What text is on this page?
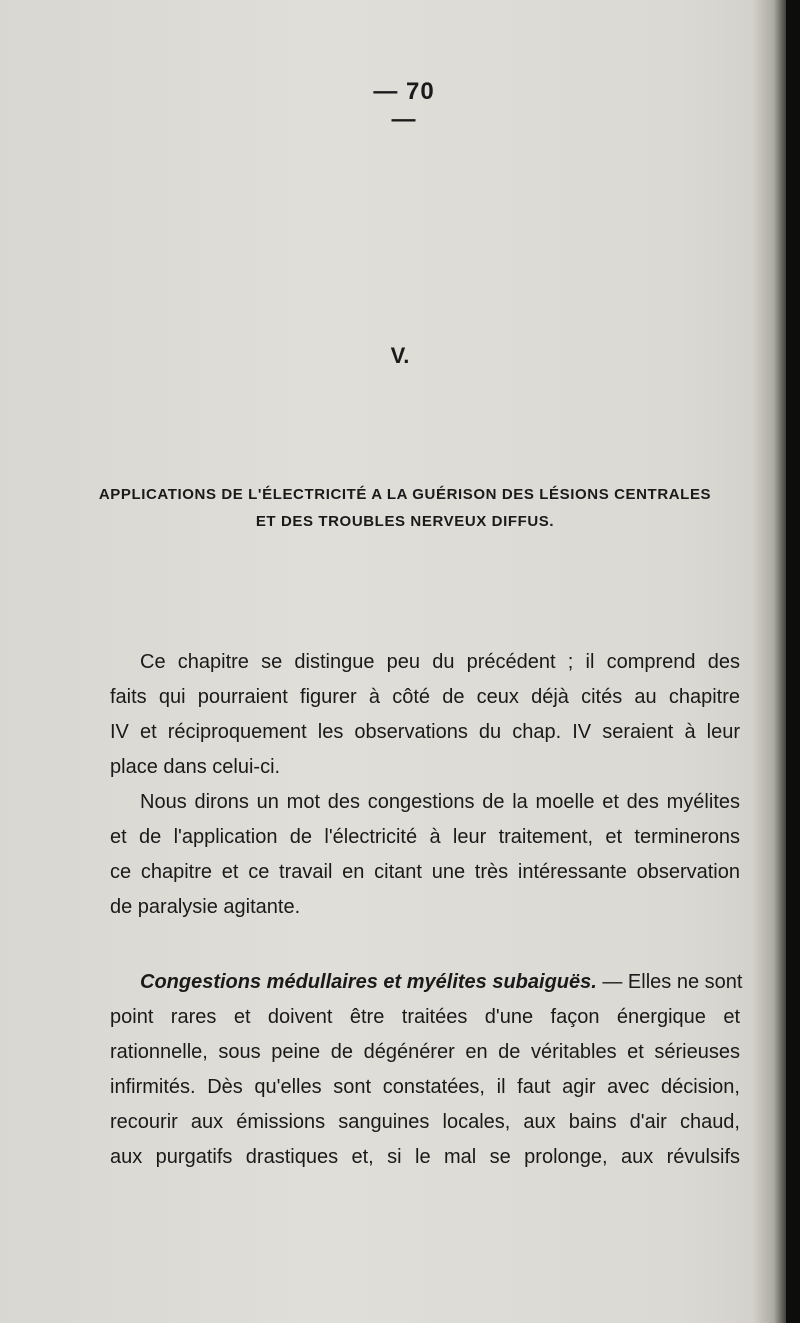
— 70 —
V.
APPLICATIONS DE L'ÉLECTRICITÉ A LA GUÉRISON DES LÉSIONS CENTRALES
ET DES TROUBLES NERVEUX DIFFUS.
Ce chapitre se distingue peu du précédent ; il comprend des
faits qui pourraient figurer à côté de ceux déjà cités au chapitre
IV et réciproquement les observations du chap. IV seraient à leur
place dans celui-ci.
Nous dirons un mot des congestions de la moelle et des myélites
et de l'application de l'électricité à leur traitement, et terminerons
ce chapitre et ce travail en citant une très intéressante observation
de paralysie agitante.
Congestions médullaires et myélites subaiguës. — Elles ne sont
point rares et doivent être traitées d'une façon énergique et
rationnelle, sous peine de dégénérer en de véritables et sérieuses
infirmités. Dès qu'elles sont constatées, il faut agir avec décision,
recourir aux émissions sanguines locales, aux bains d'air chaud,
aux purgatifs drastiques et, si le mal se prolonge, aux révulsifs
